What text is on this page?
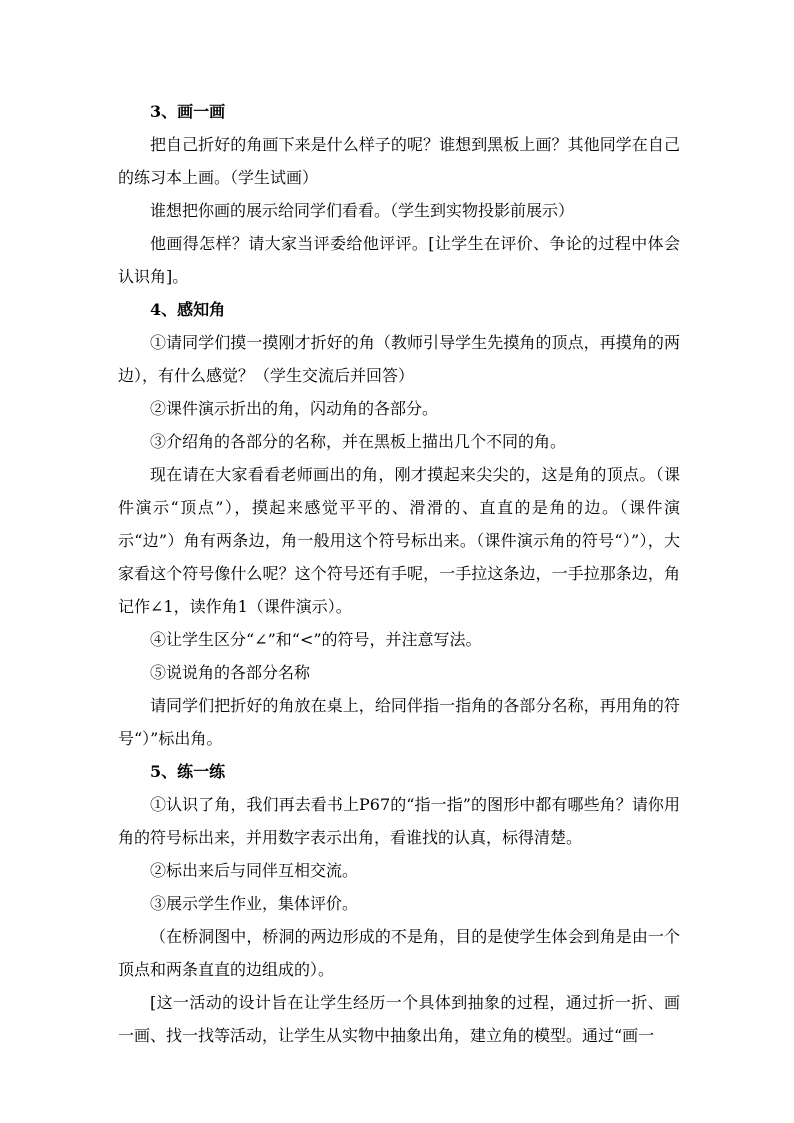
3、画一画

把自己折好的角画下来是什么样子的呢？谁想到黑板上画？其他同学在自己的练习本上画。（学生试画）

谁想把你画的展示给同学们看看。（学生到实物投影前展示）

他画得怎样？请大家当评委给他评评。[让学生在评价、争论的过程中体会认识角]。

4、感知角

①请同学们摸一摸刚才折好的角（教师引导学生先摸角的顶点，再摸角的两边），有什么感觉？（学生交流后并回答）

②课件演示折出的角，闪动角的各部分。

③介绍角的各部分的名称，并在黑板上描出几个不同的角。

现在请在大家看看老师画出的角，刚才摸起来尖尖的，这是角的顶点。（课件演示“顶点”），摸起来感觉平平的、滑滑的、直直的是角的边。（课件演示“边”）角有两条边，角一般用这个符号标出来。（课件演示角的符号“）”），大家看这个符号像什么呢？这个符号还有手呢，一手拉这条边，一手拉那条边，角记作∠1，读作角1（课件演示）。

④让学生区分“∠”和“<”的符号，并注意写法。

⑤说说角的各部分名称

请同学们把折好的角放在桌上，给同伴指一指角的各部分名称，再用角的符号“）”标出角。

5、练一练

①认识了角，我们再去看书上P67的“指一指”的图形中都有哪些角？请你用角的符号标出来，并用数字表示出角，看谁找的认真，标得清楚。

②标出来后与同伴互相交流。

③展示学生作业，集体评价。

（在桥洞图中，桥洞的两边形成的不是角，目的是使学生体会到角是由一个顶点和两条直直的边组成的）。

[这一活动的设计旨在让学生经历一个具体到抽象的过程，通过折一折、画一画、找一找等活动，让学生从实物中抽象出角，建立角的模型。通过“画一
